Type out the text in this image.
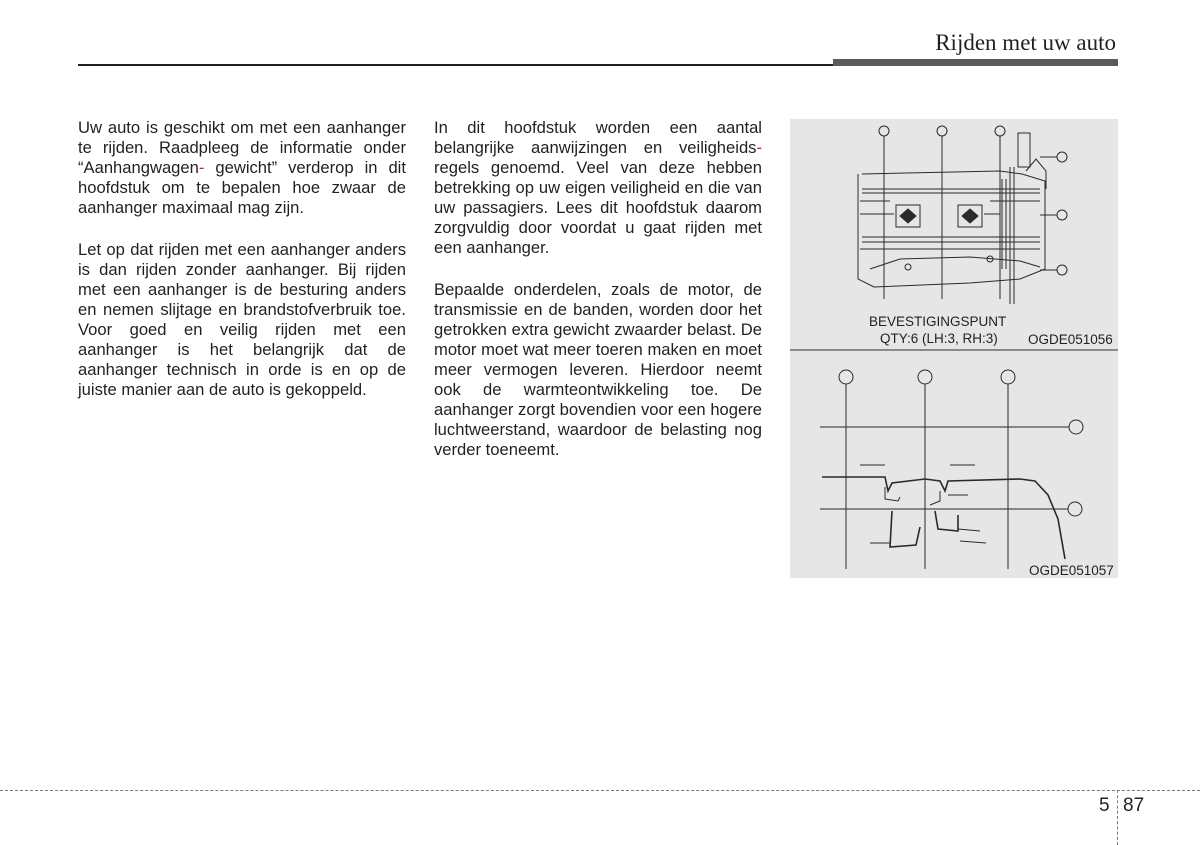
Rijden met uw auto

Uw auto is geschikt om met een aanhanger te rijden. Raadpleeg de informatie onder “Aanhangwagen- gewicht” verderop in dit hoofdstuk om te bepalen hoe zwaar de aanhanger maximaal mag zijn.

Let op dat rijden met een aanhanger anders is dan rijden zonder aanhanger. Bij rijden met een aanhanger is de besturing anders en nemen slijtage en brandstofverbruik toe. Voor goed en veilig rijden met een aanhanger is het belangrijk dat de aanhanger technisch in orde is en op de juiste manier aan de auto is gekoppeld.

In dit hoofdstuk worden een aantal belangrijke aanwijzingen en veiligheids- regels genoemd. Veel van deze hebben betrekking op uw eigen veiligheid en die van uw passagiers. Lees dit hoofdstuk daarom zorgvuldig door voordat u gaat rijden met een aanhanger.

Bepaalde onderdelen, zoals de motor, de transmissie en de banden, worden door het getrokken extra gewicht zwaarder belast. De motor moet wat meer toeren maken en moet meer vermogen leveren. Hierdoor neemt ook de warmteontwikkeling toe. De aanhanger zorgt bovendien voor een hogere luchtweerstand, waardoor de belasting nog verder toeneemt.

BEVESTIGINGSPUNT
QTY:6 (LH:3, RH:3) OGDE051056
OGDE051057
5 87
